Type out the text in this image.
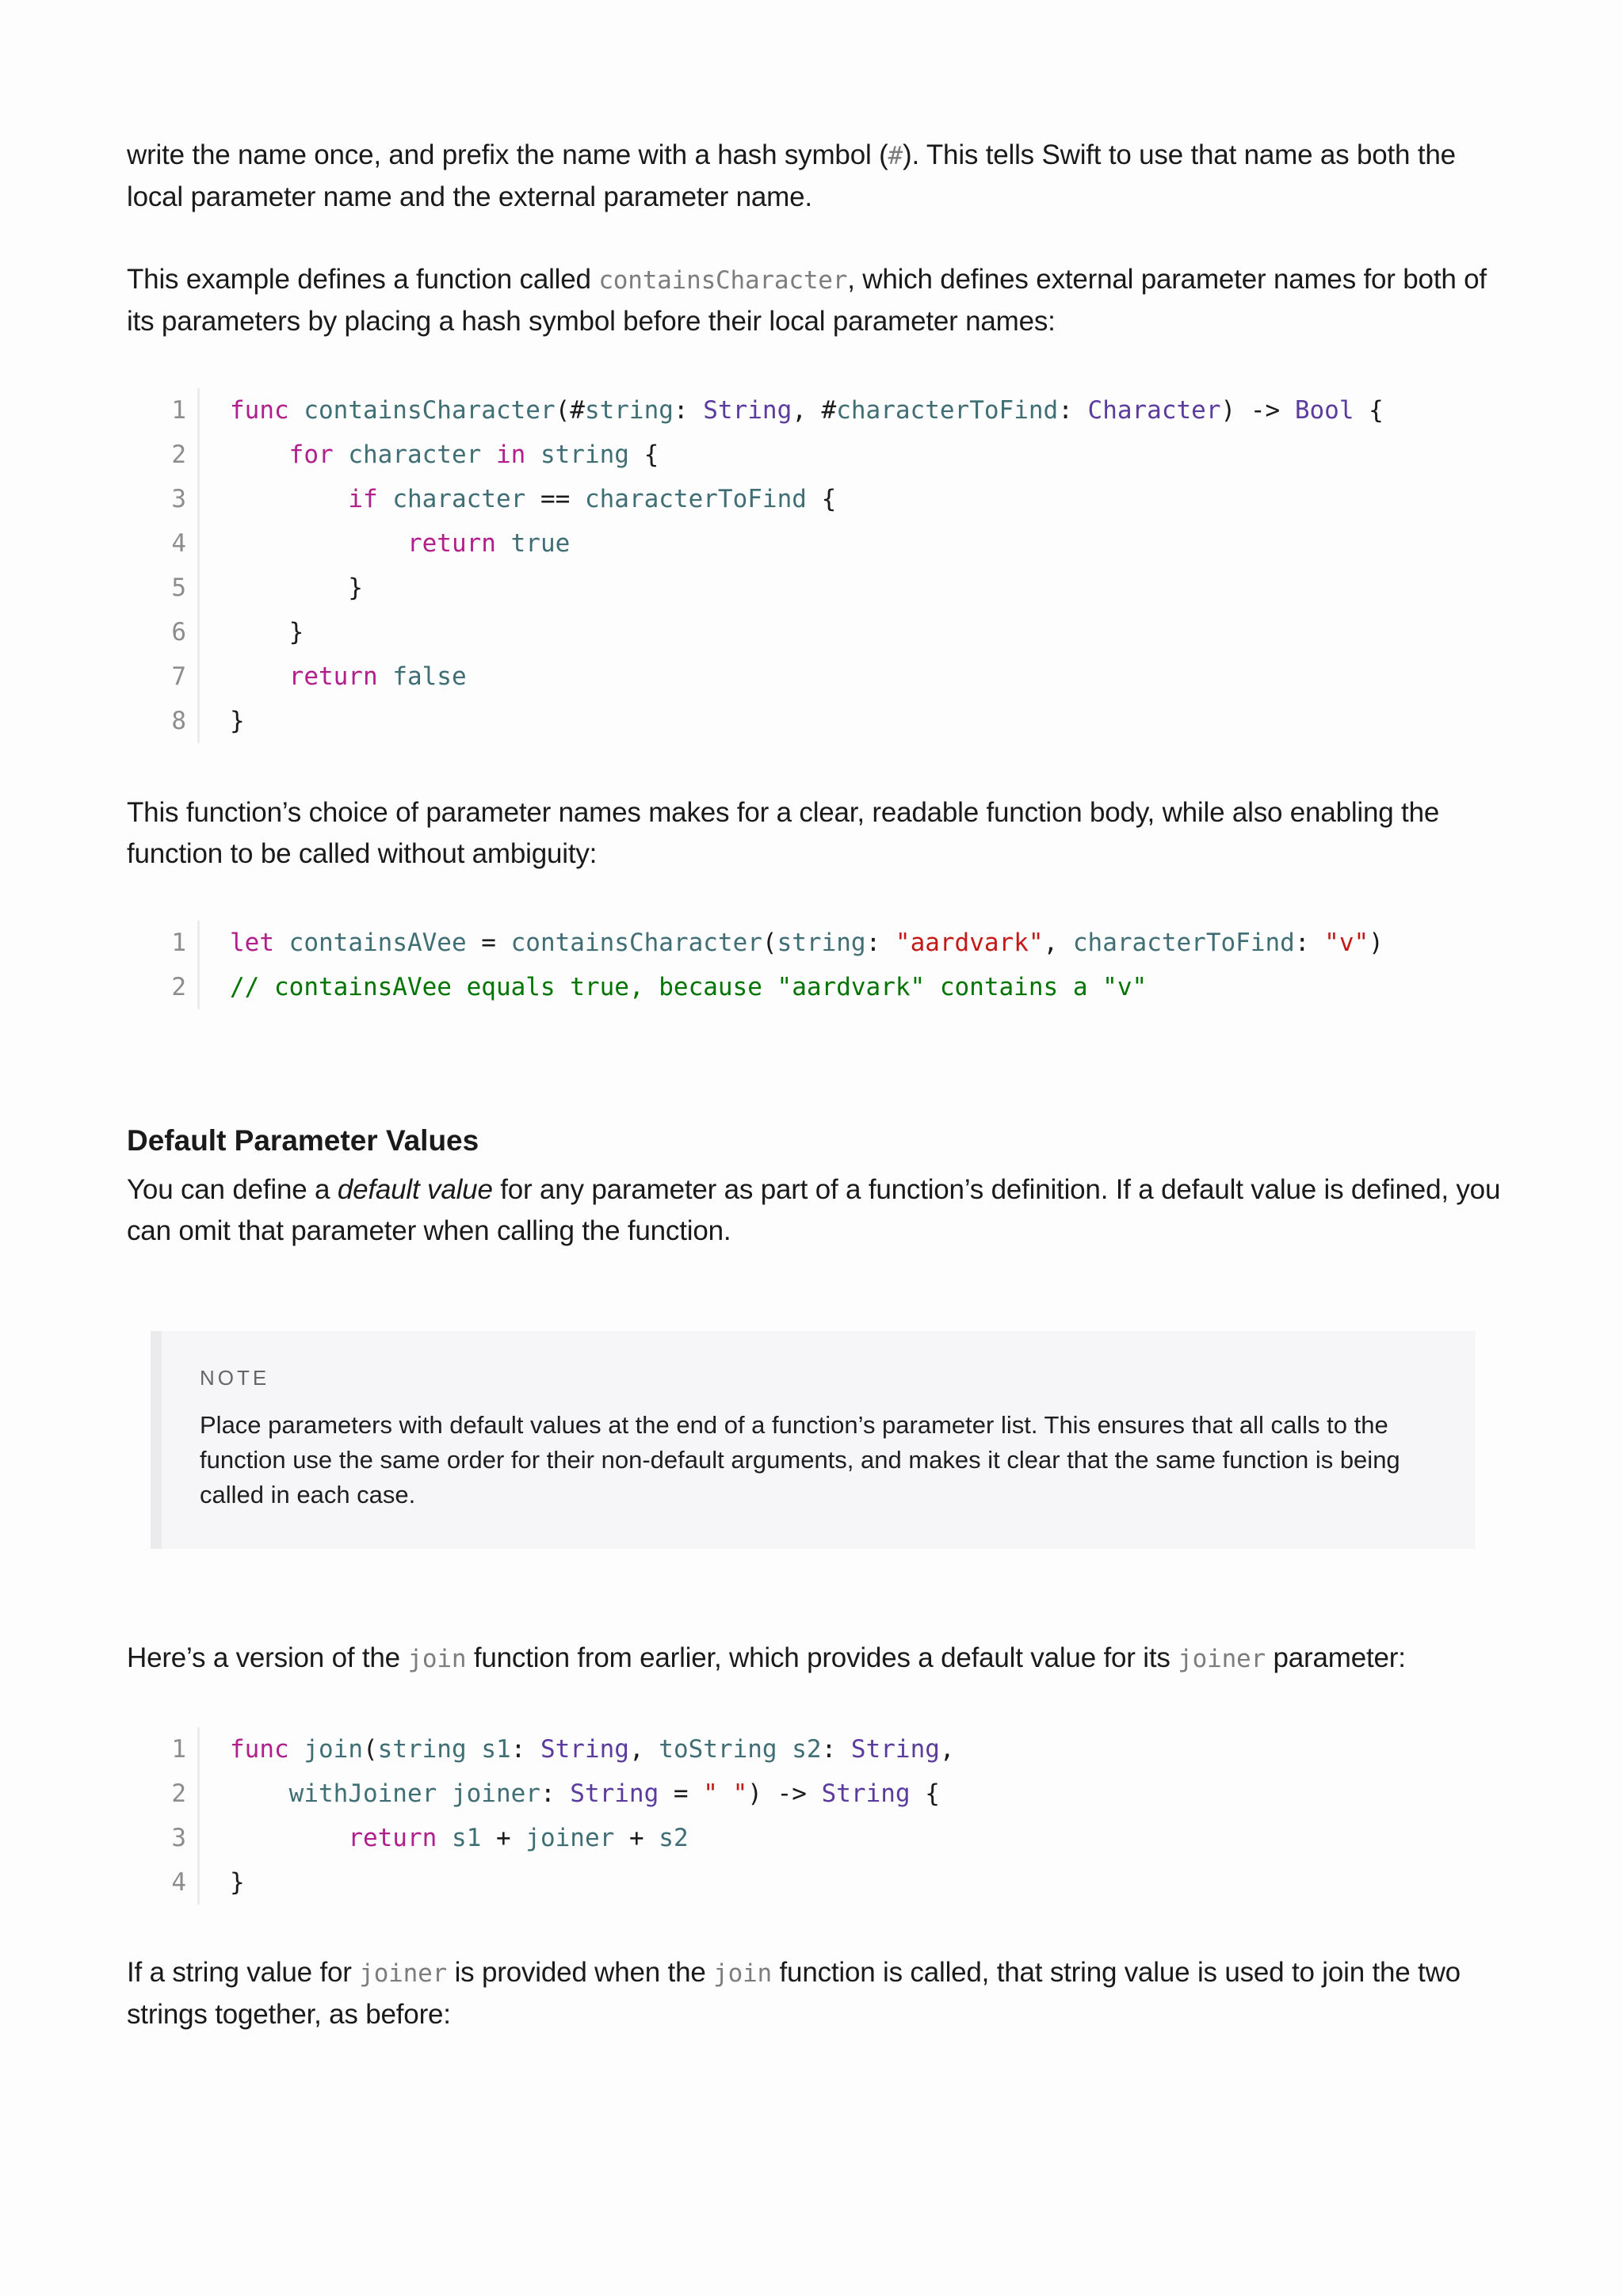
write the name once, and prefix the name with a hash symbol (#). This tells Swift to use that name as both the local parameter name and the external parameter name.

This example defines a function called containsCharacter, which defines external parameter names for both of its parameters by placing a hash symbol before their local parameter names:

1
2
3
4
5
6
7
8
func containsCharacter(#string: String, #characterToFind: Character) -> Bool {
for character in string {
if character == characterToFind {
return true
}
}
return false
}

This function’s choice of parameter names makes for a clear, readable function body, while also enabling the function to be called without ambiguity:

1
2
let containsAVee = containsCharacter(string: "aardvark", characterToFind: "v")
// containsAVee equals true, because "aardvark" contains a "v"
Default Parameter Values

You can define a default value for any parameter as part of a function’s definition. If a default value is defined, you can omit that parameter when calling the function.

NOTE

Place parameters with default values at the end of a function’s parameter list. This ensures that all calls to the function use the same order for their non-default arguments, and makes it clear that the same function is being called in each case.

Here’s a version of the join function from earlier, which provides a default value for its joiner parameter:

1
2
3
4
func join(string s1: String, toString s2: String,
withJoiner joiner: String = " ") -> String {
return s1 + joiner + s2
}

If a string value for joiner is provided when the join function is called, that string value is used to join the two strings together, as before:
